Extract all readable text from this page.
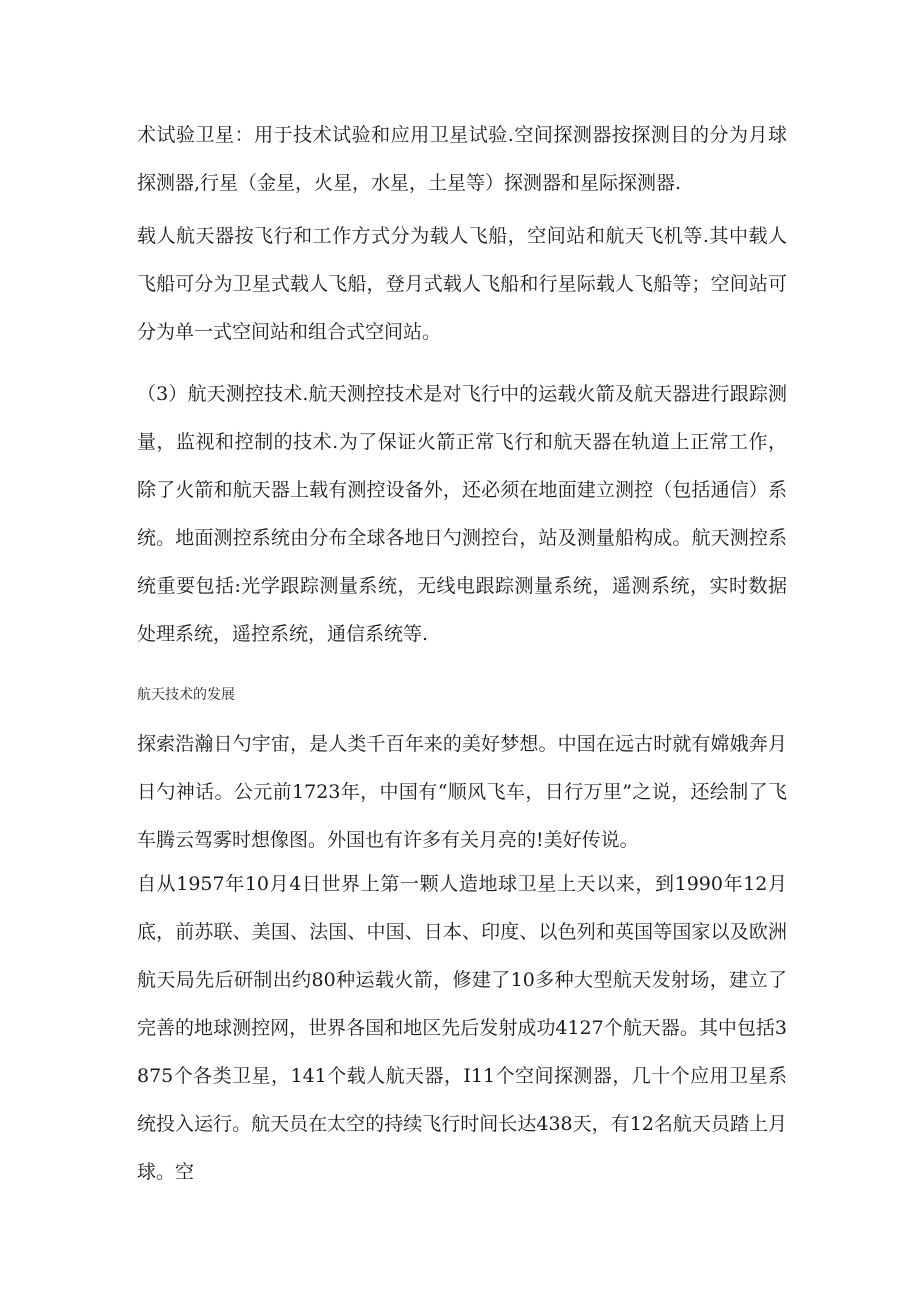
术试验卫星：用于技术试验和应用卫星试验.空间探测器按探测目的分为月球探测器,行星（金星，火星，水星，土星等）探测器和星际探测器.
载人航天器按飞行和工作方式分为载人飞船，空间站和航天飞机等.其中载人飞船可分为卫星式载人飞船，登月式载人飞船和行星际载人飞船等；空间站可分为单一式空间站和组合式空间站。
（3）航天测控技术.航天测控技术是对飞行中的运载火箭及航天器进行跟踪测量，监视和控制的技术.为了保证火箭正常飞行和航天器在轨道上正常工作，除了火箭和航天器上载有测控设备外，还必须在地面建立测控（包括通信）系统。地面测控系统由分布全球各地日勺测控台，站及测量船构成。航天测控系统重要包括:光学跟踪测量系统，无线电跟踪测量系统，遥测系统，实时数据处理系统，遥控系统，通信系统等.
航天技术的发展
探索浩瀚日勺宇宙，是人类千百年来的美好梦想。中国在远古时就有嫦娥奔月日勺神话。公元前1723年，中国有“顺风飞车，日行万里”之说，还绘制了飞车腾云驾雾时想像图。外国也有许多有关月亮的!美好传说。
自从1957年10月4日世界上第一颗人造地球卫星上天以来，到1990年12月底，前苏联、美国、法国、中国、日本、印度、以色列和英国等国家以及欧洲航天局先后研制出约80种运载火箭，修建了10多种大型航天发射场，建立了完善的地球测控网，世界各国和地区先后发射成功4127个航天器。其中包括3875个各类卫星，141个载人航天器，I11个空间探测器，几十个应用卫星系统投入运行。航天员在太空的持续飞行时间长达438天，有12名航天员踏上月球。空
